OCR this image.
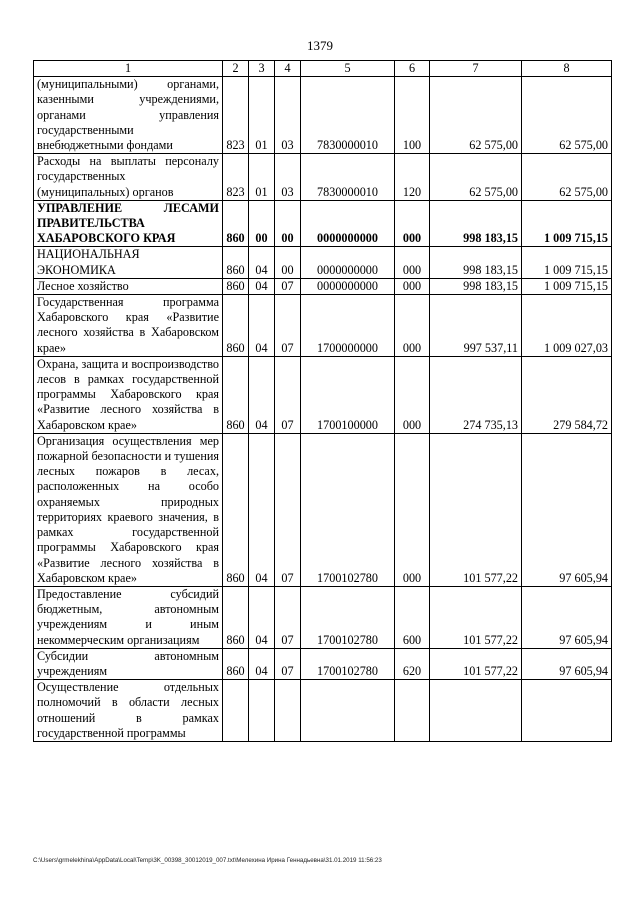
1379
1	2	3	4	5	6	7	8
(муниципальными) органами, казенными учреждениями, органами управления государственными внебюджетными фондами	823	01	03	7830000010	100	62 575,00	62 575,00
Расходы на выплаты персоналу государственных (муниципальных) органов	823	01	03	7830000010	120	62 575,00	62 575,00
УПРАВЛЕНИЕ ЛЕСАМИ ПРАВИТЕЛЬСТВА ХАБАРОВСКОГО КРАЯ	860	00	00	0000000000	000	998 183,15	1 009 715,15
НАЦИОНАЛЬНАЯ ЭКОНОМИКА	860	04	00	0000000000	000	998 183,15	1 009 715,15
Лесное хозяйство	860	04	07	0000000000	000	998 183,15	1 009 715,15
Государственная программа Хабаровского края «Развитие лесного хозяйства в Хабаровском крае»	860	04	07	1700000000	000	997 537,11	1 009 027,03
Охрана, защита и воспроизводство лесов в рамках государственной программы Хабаровского края «Развитие лесного хозяйства в Хабаровском крае»	860	04	07	1700100000	000	274 735,13	279 584,72
Организация осуществления мер пожарной безопасности и тушения лесных пожаров в лесах, расположенных на особо охраняемых природных территориях краевого значения, в рамках государственной программы Хабаровского края «Развитие лесного хозяйства в Хабаровском крае»	860	04	07	1700102780	000	101 577,22	97 605,94
Предоставление субсидий бюджетным, автономным учреждениям и иным некоммерческим организациям	860	04	07	1700102780	600	101 577,22	97 605,94
Субсидии автономным учреждениям	860	04	07	1700102780	620	101 577,22	97 605,94
Осуществление отдельных полномочий в области лесных отношений в рамках государственной программы							
C:\Users\grmelekhina\AppData\Local\Temp\3K_00398_30012019_007.txt\Мелехина Ирина Геннадьевна\31.01.2019 11:56:23
